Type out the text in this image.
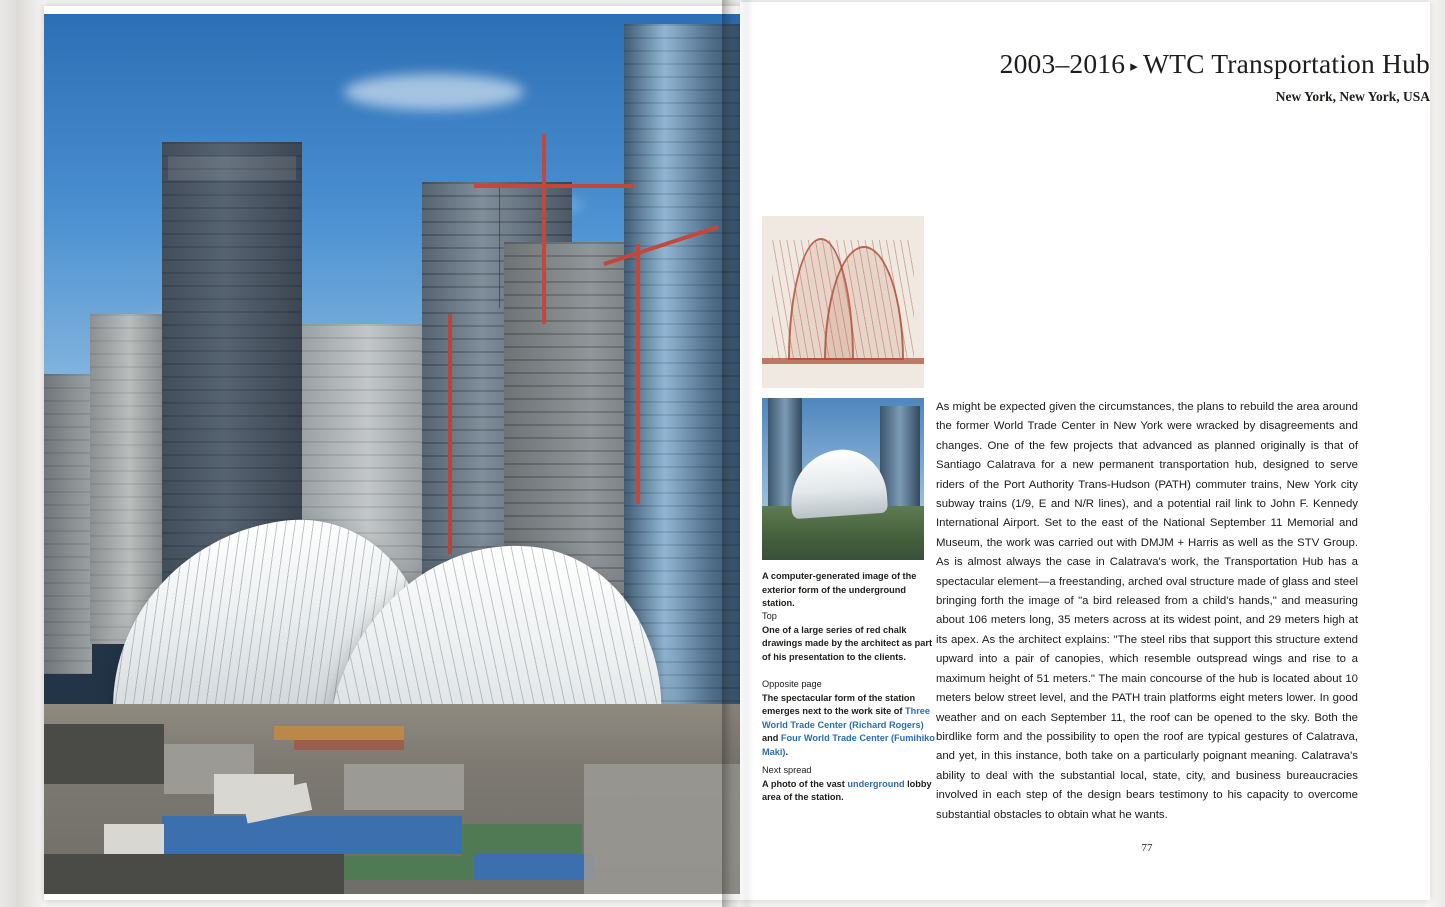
2003–2016 ▸ WTC Transportation Hub
New York, New York, USA
A computer-generated image of the exterior form of the underground station.
Top
One of a large series of red chalk drawings made by the architect as part of his presentation to the clients.
Opposite page
The spectacular form of the station emerges next to the work site of Three World Trade Center (Richard Rogers) and Four World Trade Center (Fumihiko Maki).
Next spread
A photo of the vast underground lobby area of the station.
As might be expected given the circumstances, the plans to rebuild the area around the former World Trade Center in New York were wracked by disagreements and changes. One of the few projects that advanced as planned originally is that of Santiago Calatrava for a new permanent transportation hub, designed to serve riders of the Port Authority Trans-Hudson (PATH) commuter trains, New York city subway trains (1/9, E and N/R lines), and a potential rail link to John F. Kennedy International Airport. Set to the east of the National September 11 Memorial and Museum, the work was carried out with DMJM + Harris as well as the STV Group. As is almost always the case in Calatrava's work, the Transportation Hub has a spectacular element—a freestanding, arched oval structure made of glass and steel bringing forth the image of "a bird released from a child's hands," and measuring about 106 meters long, 35 meters across at its widest point, and 29 meters high at its apex. As the architect explains: "The steel ribs that support this structure extend upward into a pair of canopies, which resemble outspread wings and rise to a maximum height of 51 meters." The main concourse of the hub is located about 10 meters below street level, and the PATH train platforms eight meters lower. In good weather and on each September 11, the roof can be opened to the sky. Both the birdlike form and the possibility to open the roof are typical gestures of Calatrava, and yet, in this instance, both take on a particularly poignant meaning. Calatrava's ability to deal with the substantial local, state, city, and business bureaucracies involved in each step of the design bears testimony to his capacity to overcome substantial obstacles to obtain what he wants.
77
